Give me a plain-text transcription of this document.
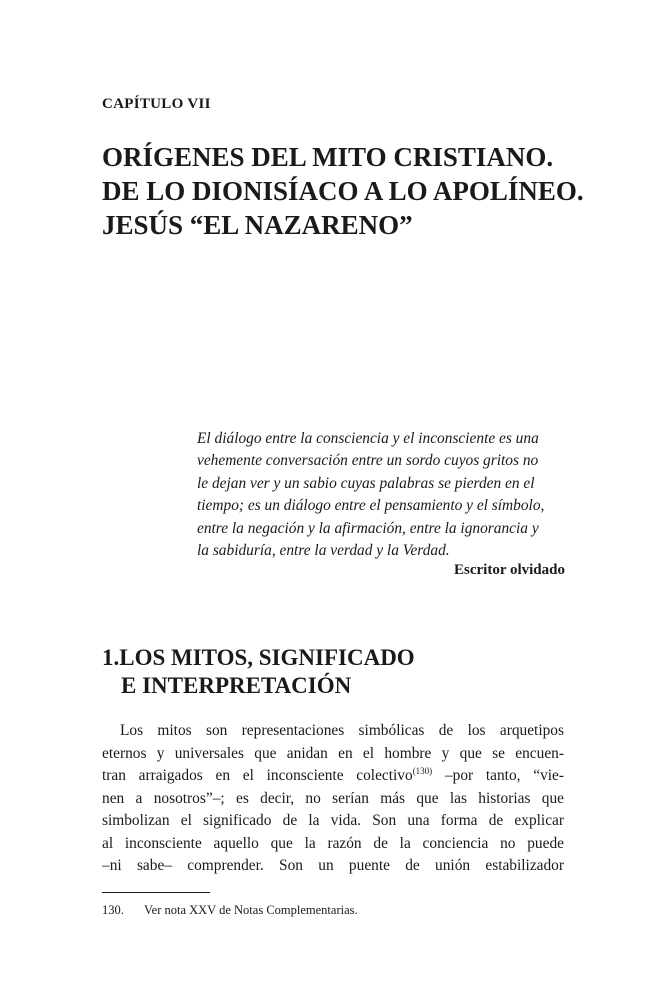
CAPÍTULO VII
ORÍGENES DEL MITO CRISTIANO.
DE LO DIONISÍACO A LO APOLÍNEO.
JESÚS “EL NAZARENO”
El diálogo entre la consciencia y el inconsciente es una
vehemente conversación entre un sordo cuyos gritos no
le dejan ver y un sabio cuyas palabras se pierden en el
tiempo; es un diálogo entre el pensamiento y el símbolo,
entre la negación y la afirmación, entre la ignorancia y
la sabiduría, entre la verdad y la Verdad.
Escritor olvidado
1.LOS MITOS, SIGNIFICADO
E INTERPRETACIÓN
Los mitos son representaciones simbólicas de los arquetipos
eternos y universales que anidan en el hombre y que se encuen-
tran arraigados en el inconsciente colectivo$^{(130)}$ –por tanto, “vie-
nen a nosotros”–; es decir, no serían más que las historias que
simbolizan el significado de la vida. Son una forma de explicar
al inconsciente aquello que la razón de la conciencia no puede
–ni sabe– comprender. Son un puente de unión estabilizador
130. Ver nota XXV de Notas Complementarias.
